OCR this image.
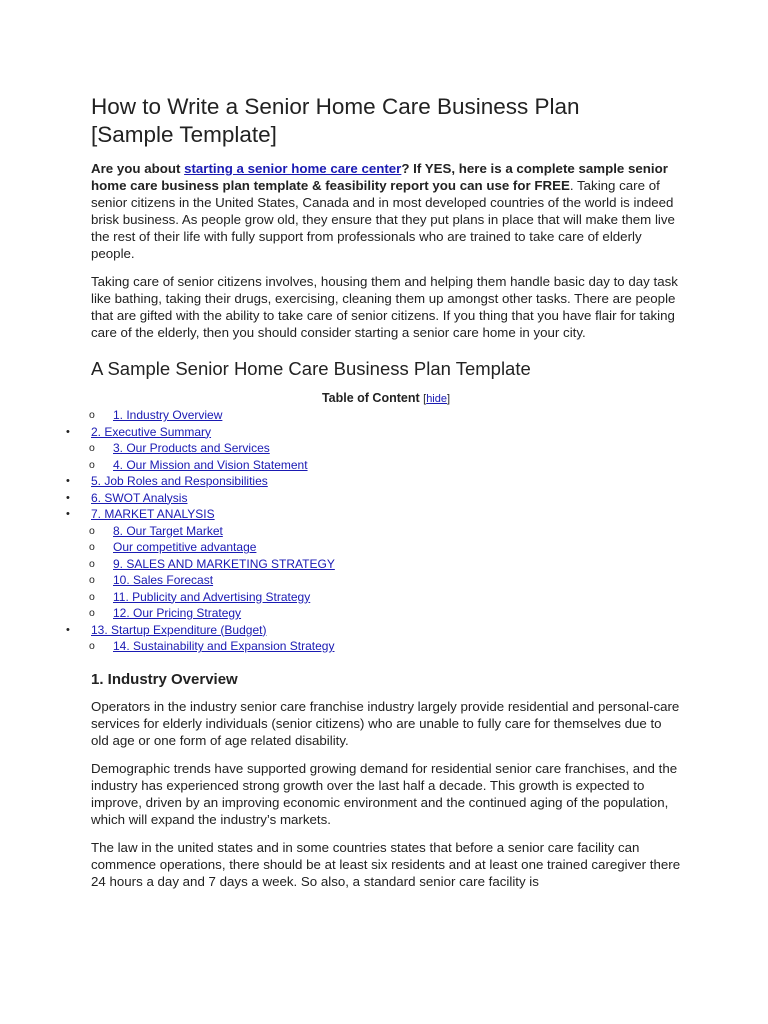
How to Write a Senior Home Care Business Plan
[Sample Template]

Are you about starting a senior home care center? If YES, here is a complete sample senior home care business plan template & feasibility report you can use for FREE. Taking care of senior citizens in the United States, Canada and in most developed countries of the world is indeed brisk business. As people grow old, they ensure that they put plans in place that will make them live the rest of their life with fully support from professionals who are trained to take care of elderly people.

Taking care of senior citizens involves, housing them and helping them handle basic day to day task like bathing, taking their drugs, exercising, cleaning them up amongst other tasks. There are people that are gifted with the ability to take care of senior citizens. If you thing that you have flair for taking care of the elderly, then you should consider starting a senior care home in your city.

A Sample Senior Home Care Business Plan Template
Table of Content [hide]
o 1. Industry Overview
• 2. Executive Summary
o 3. Our Products and Services
o 4. Our Mission and Vision Statement
• 5. Job Roles and Responsibilities
• 6. SWOT Analysis
• 7. MARKET ANALYSIS
o 8. Our Target Market
o Our competitive advantage
o 9. SALES AND MARKETING STRATEGY
o 10. Sales Forecast
o 11. Publicity and Advertising Strategy
o 12. Our Pricing Strategy
• 13. Startup Expenditure (Budget)
o 14. Sustainability and Expansion Strategy
1. Industry Overview

Operators in the industry senior care franchise industry largely provide residential and personal-care services for elderly individuals (senior citizens) who are unable to fully care for themselves due to old age or one form of age related disability.

Demographic trends have supported growing demand for residential senior care franchises, and the industry has experienced strong growth over the last half a decade. This growth is expected to improve, driven by an improving economic environment and the continued aging of the population, which will expand the industry’s markets.

The law in the united states and in some countries states that before a senior care facility can commence operations, there should be at least six residents and at least one trained caregiver there 24 hours a day and 7 days a week. So also, a standard senior care facility is
